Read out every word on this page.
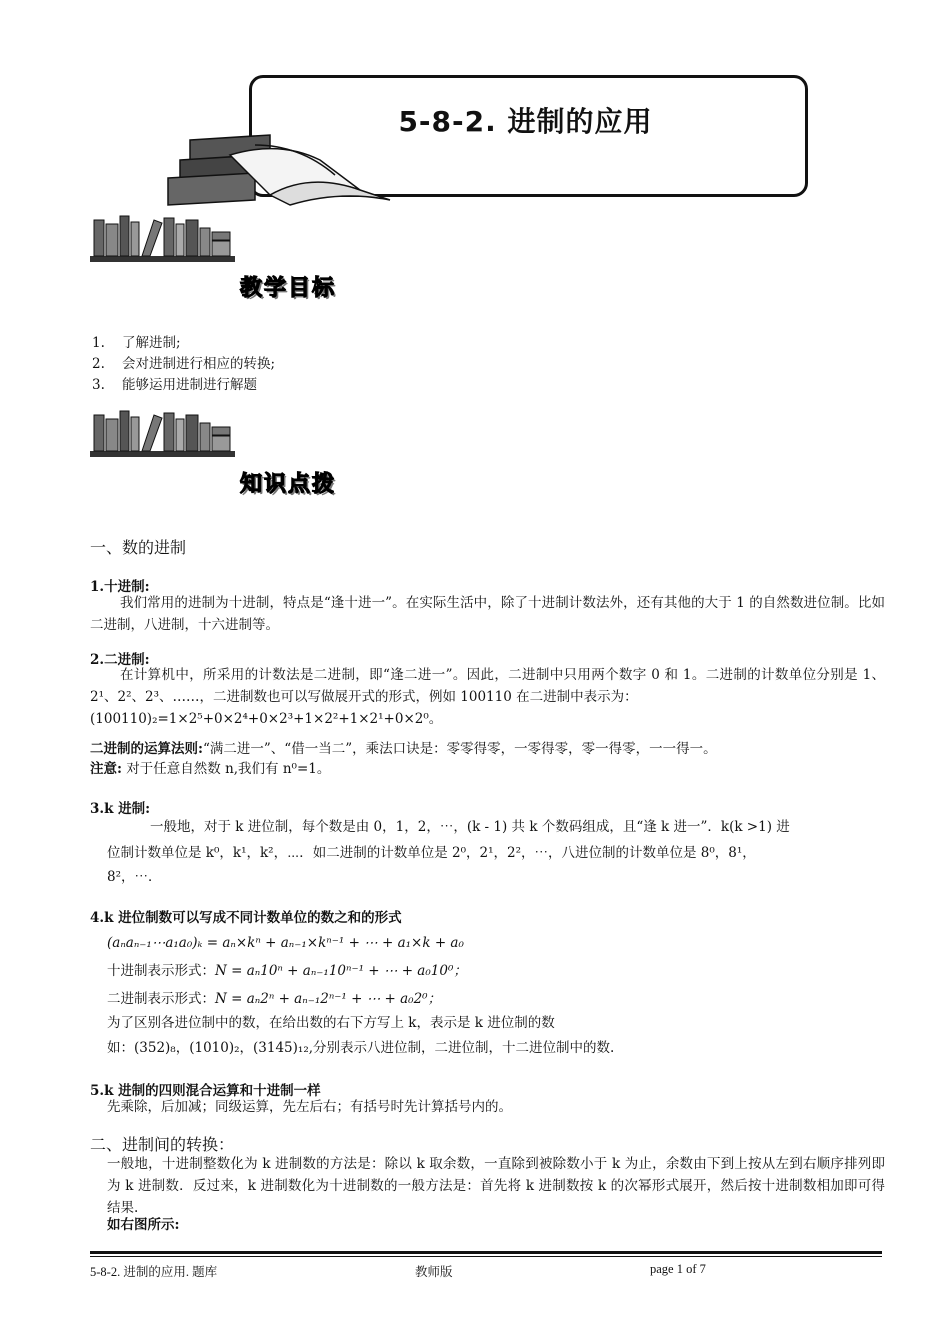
5-8-2. 进制的应用
教学目标
1. 了解进制;
2. 会对进制进行相应的转换;
3. 能够运用进制进行解题
知识点拨
一、数的进制
1.十进制:
我们常用的进制为十进制，特点是“逢十进一”。在实际生活中，除了十进制计数法外，还有其他的大于 1 的自然数进位制。比如二进制，八进制，十六进制等。
2.二进制:
在计算机中，所采用的计数法是二进制，即“逢二进一”。因此，二进制中只用两个数字 0 和 1。二进制的计数单位分别是 1、2¹、2²、2³、……，二进制数也可以写做展开式的形式，例如 100110 在二进制中表示为：
(100110)₂=1×2⁵+0×2⁴+0×2³+1×2²+1×2¹+0×2⁰。
二进制的运算法则:“满二进一”、“借一当二”，乘法口诀是：零零得零，一零得零，零一得零，一一得一。
注意: 对于任意自然数 n,我们有 n⁰=1。
3.k 进制:
一般地，对于 k 进位制，每个数是由 0，1，2，⋯，(k - 1) 共 k 个数码组成，且“逢 k 进一”．k(k >1) 进
位制计数单位是 k⁰，k¹，k²，⋯．如二进制的计数单位是 2⁰，2¹，2²，⋯，八进位制的计数单位是 8⁰，8¹，
8²，⋯．
4.k 进位制数可以写成不同计数单位的数之和的形式
(aₙaₙ₋₁⋯a₁a₀)ₖ = aₙ×kⁿ + aₙ₋₁×kⁿ⁻¹ + ⋯ + a₁×k + a₀
十进制表示形式：N = aₙ10ⁿ + aₙ₋₁10ⁿ⁻¹ + ⋯ + a₀10⁰；
二进制表示形式：N = aₙ2ⁿ + aₙ₋₁2ⁿ⁻¹ + ⋯ + a₀2⁰；
为了区别各进位制中的数，在给出数的右下方写上 k，表示是 k 进位制的数
如：(352)₈，(1010)₂，(3145)₁₂,分别表示八进位制，二进位制，十二进位制中的数.
5.k 进制的四则混合运算和十进制一样
先乘除，后加减；同级运算，先左后右；有括号时先计算括号内的。
二、进制间的转换：
一般地，十进制整数化为 k 进制数的方法是：除以 k 取余数，一直除到被除数小于 k 为止，余数由下到上按从左到右顺序排列即为 k 进制数．反过来，k 进制数化为十进制数的一般方法是：首先将 k 进制数按 k 的次幂形式展开，然后按十进制数相加即可得结果.
如右图所示:
5-8-2. 进制的应用. 题库	教师版	page 1 of 7
